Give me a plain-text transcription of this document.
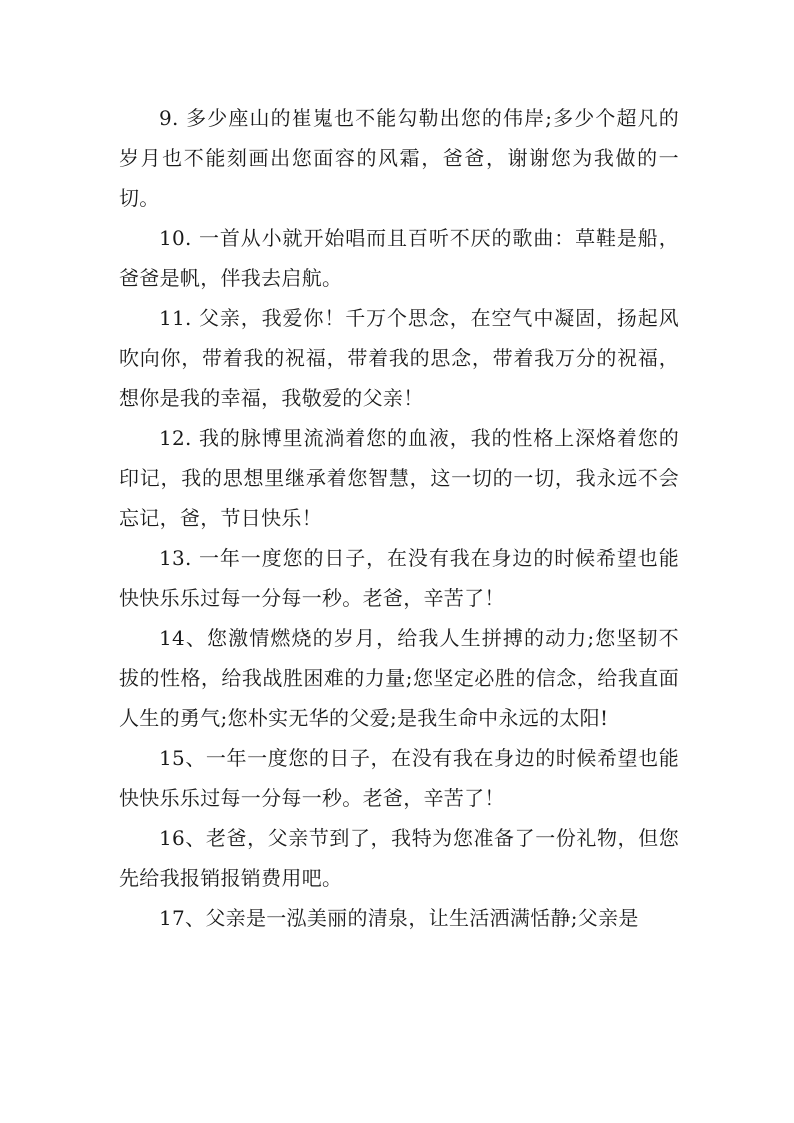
9. 多少座山的崔嵬也不能勾勒出您的伟岸;多少个超凡的岁月也不能刻画出您面容的风霜，爸爸，谢谢您为我做的一切。

10. 一首从小就开始唱而且百听不厌的歌曲：草鞋是船，爸爸是帆，伴我去启航。

11. 父亲，我爱你！千万个思念，在空气中凝固，扬起风吹向你，带着我的祝福，带着我的思念，带着我万分的祝福，想你是我的幸福，我敬爱的父亲！

12. 我的脉博里流淌着您的血液，我的性格上深烙着您的印记，我的思想里继承着您智慧，这一切的一切，我永远不会忘记，爸，节日快乐！

13. 一年一度您的日子，在没有我在身边的时候希望也能快快乐乐过每一分每一秒。老爸，辛苦了！

14、您激情燃烧的岁月，给我人生拼搏的动力;您坚韧不拔的性格，给我战胜困难的力量;您坚定必胜的信念，给我直面人生的勇气;您朴实无华的父爱;是我生命中永远的太阳!

15、一年一度您的日子，在没有我在身边的时候希望也能快快乐乐过每一分每一秒。老爸，辛苦了！

16、老爸，父亲节到了，我特为您准备了一份礼物，但您先给我报销报销费用吧。

17、父亲是一泓美丽的清泉，让生活洒满恬静;父亲是
